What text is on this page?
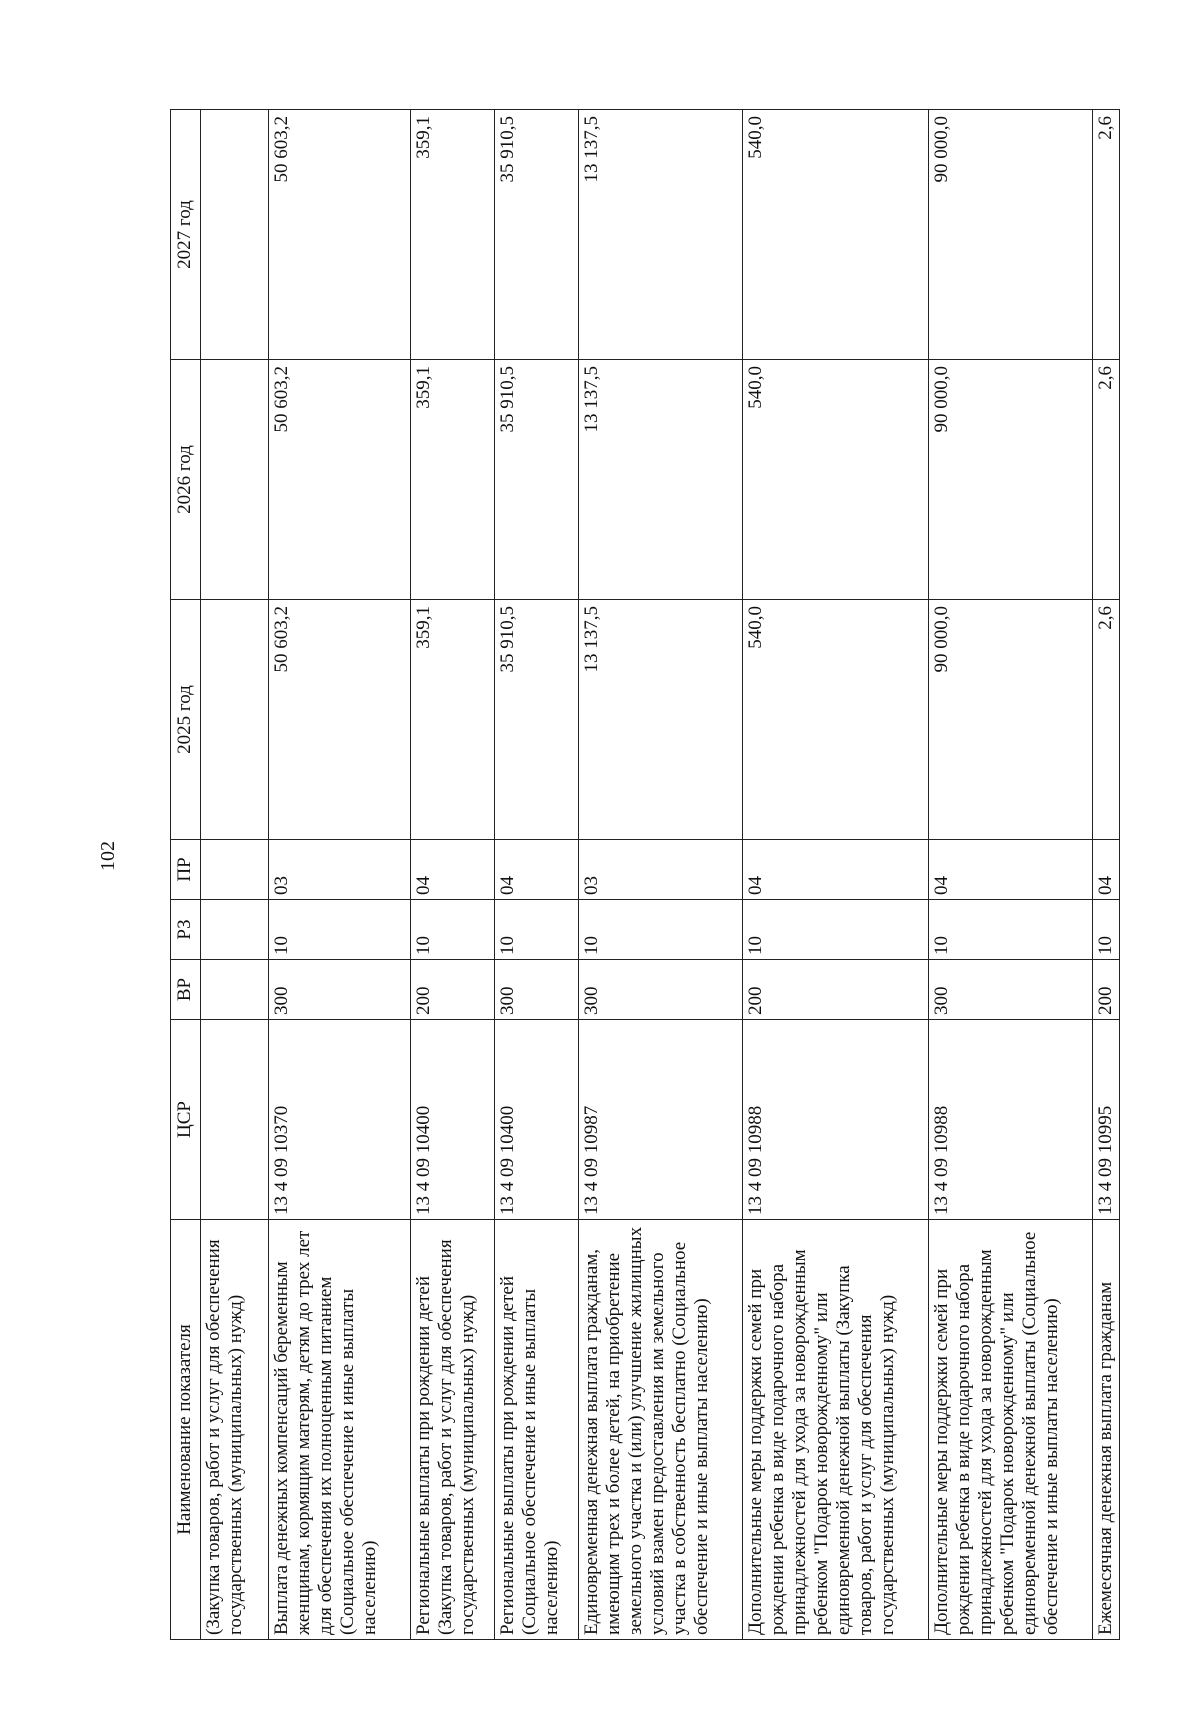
102
Наименование показателя	ЦСР	ВР	РЗ	ПР	2025 год	2026 год	2027 год
(Закупка товаров, работ и услуг для обеспечения государственных (муниципальных) нужд)							
Выплата денежных компенсаций беременным женщинам, кормящим матерям, детям до трех лет для обеспечения их полноценным питанием (Социальное обеспечение и иные выплаты населению)	13 4 09 10370	300	10	03	50 603,2	50 603,2	50 603,2
Региональные выплаты при рождении детей (Закупка товаров, работ и услуг для обеспечения государственных (муниципальных) нужд)	13 4 09 10400	200	10	04	359,1	359,1	359,1
Региональные выплаты при рождении детей (Социальное обеспечение и иные выплаты населению)	13 4 09 10400	300	10	04	35 910,5	35 910,5	35 910,5
Единовременная денежная выплата гражданам, имеющим трех и более детей, на приобретение земельного участка и (или) улучшение жилищных условий взамен предоставления им земельного участка в собственность бесплатно (Социальное обеспечение и иные выплаты населению)	13 4 09 10987	300	10	03	13 137,5	13 137,5	13 137,5
Дополнительные меры поддержки семей при рождении ребенка в виде подарочного набора принадлежностей для ухода за новорожденным ребенком "Подарок новорожденному" или единовременной денежной выплаты (Закупка товаров, работ и услуг для обеспечения государственных (муниципальных) нужд)	13 4 09 10988	200	10	04	540,0	540,0	540,0
Дополнительные меры поддержки семей при рождении ребенка в виде подарочного набора принадлежностей для ухода за новорожденным ребенком "Подарок новорожденному" или единовременной денежной выплаты (Социальное обеспечение и иные выплаты населению)	13 4 09 10988	300	10	04	90 000,0	90 000,0	90 000,0
Ежемесячная денежная выплата гражданам	13 4 09 10995	200	10	04	2,6	2,6	2,6
